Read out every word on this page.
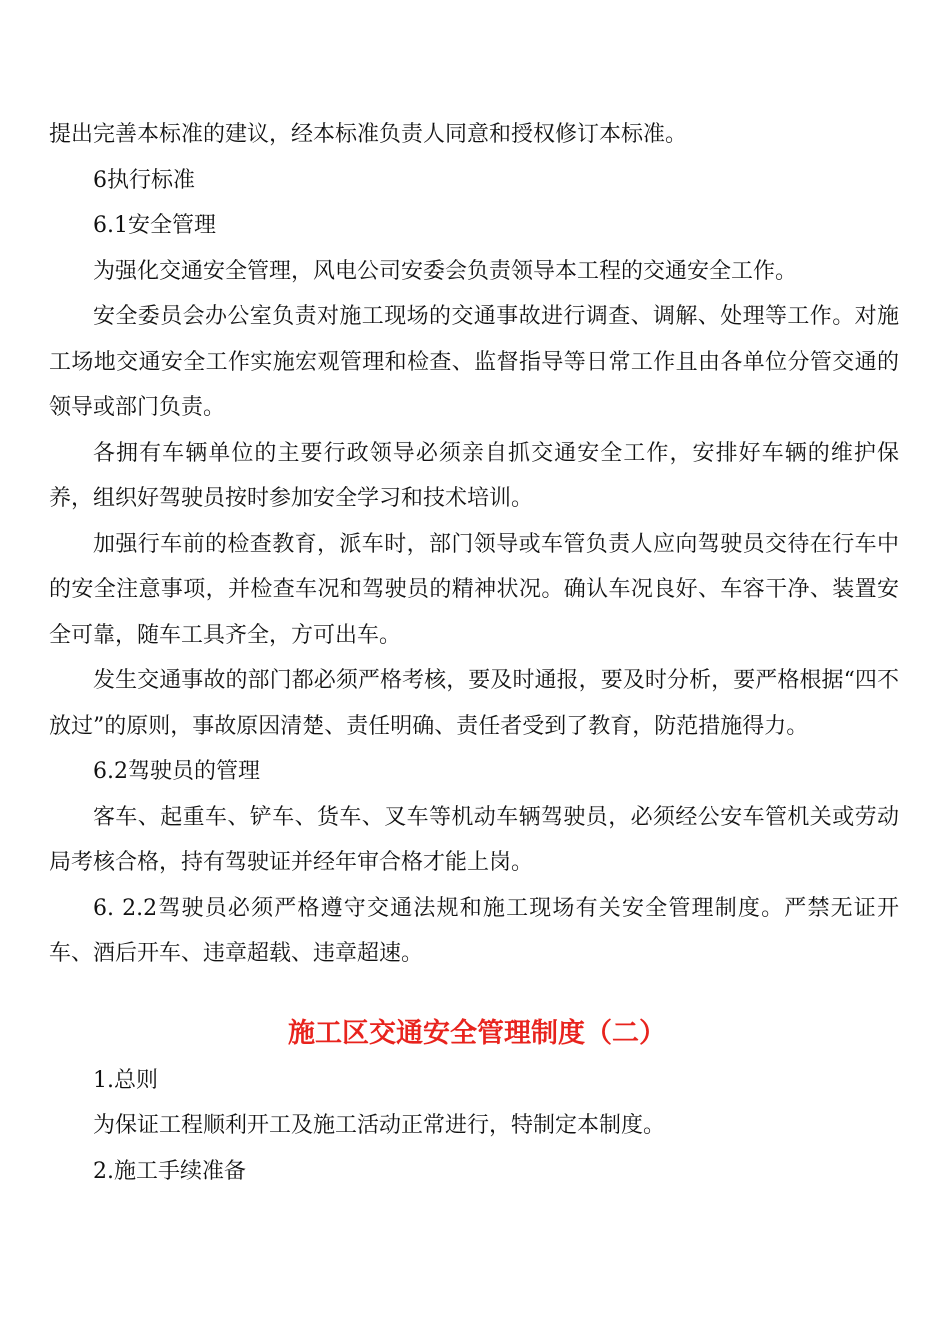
提出完善本标准的建议，经本标准负责人同意和授权修订本标准。

6执行标准

6.1安全管理

为强化交通安全管理，风电公司安委会负责领导本工程的交通安全工作。

安全委员会办公室负责对施工现场的交通事故进行调查、调解、处理等工作。对施工场地交通安全工作实施宏观管理和检查、监督指导等日常工作且由各单位分管交通的领导或部门负责。

各拥有车辆单位的主要行政领导必须亲自抓交通安全工作，安排好车辆的维护保养，组织好驾驶员按时参加安全学习和技术培训。

加强行车前的检查教育，派车时，部门领导或车管负责人应向驾驶员交待在行车中的安全注意事项，并检查车况和驾驶员的精神状况。确认车况良好、车容干净、装置安全可靠，随车工具齐全，方可出车。

发生交通事故的部门都必须严格考核，要及时通报，要及时分析，要严格根据“四不放过”的原则，事故原因清楚、责任明确、责任者受到了教育，防范措施得力。

6.2驾驶员的管理

客车、起重车、铲车、货车、叉车等机动车辆驾驶员，必须经公安车管机关或劳动局考核合格，持有驾驶证并经年审合格才能上岗。

6. 2.2驾驶员必须严格遵守交通法规和施工现场有关安全管理制度。严禁无证开车、酒后开车、违章超载、违章超速。

施工区交通安全管理制度（二）

1.总则

为保证工程顺利开工及施工活动正常进行，特制定本制度。

2.施工手续准备
